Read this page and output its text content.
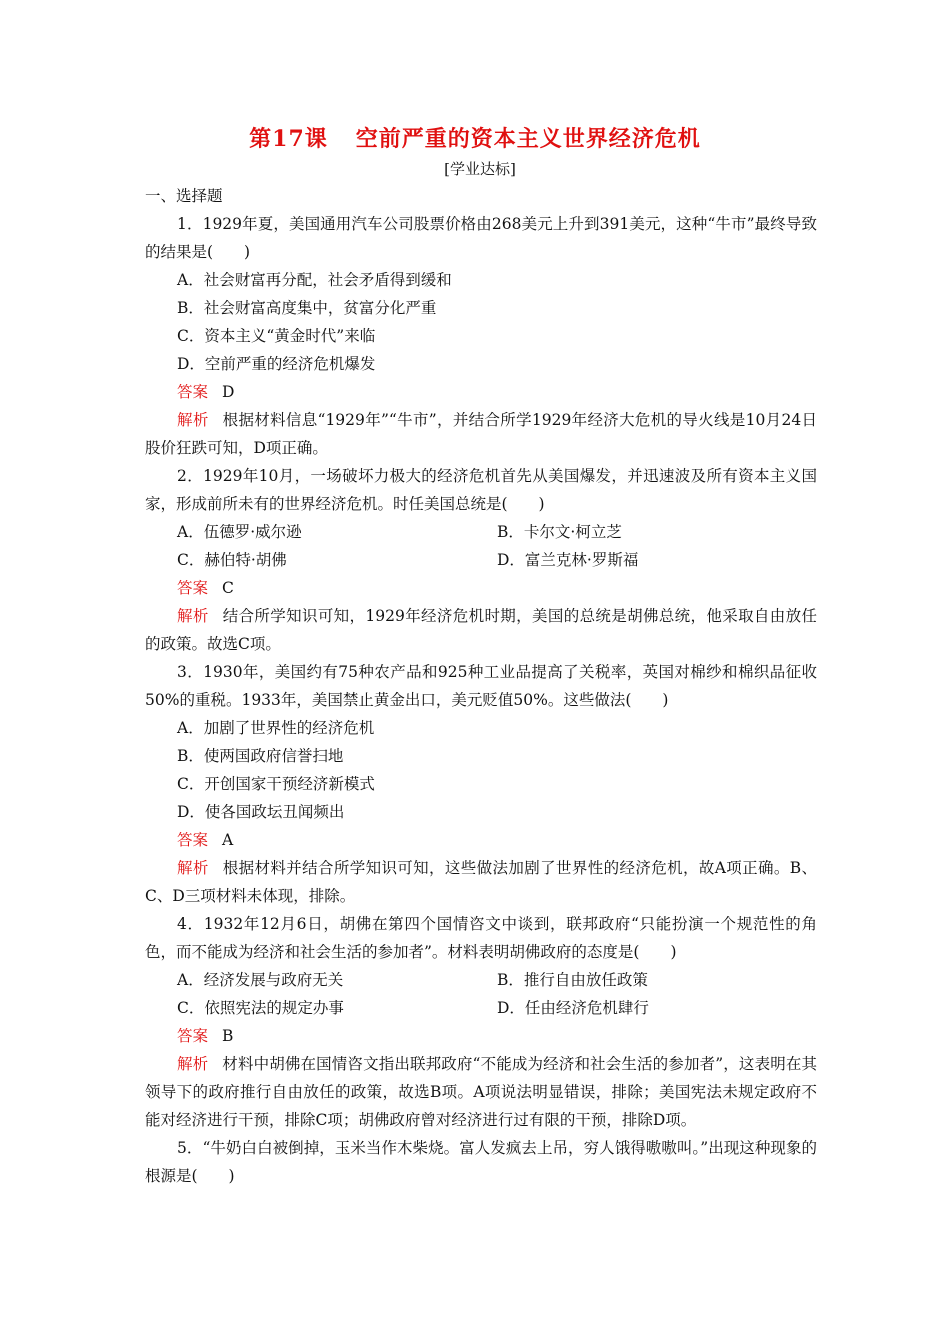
第17课 空前严重的资本主义世界经济危机
[学业达标]
一、选择题
1．1929年夏，美国通用汽车公司股票价格由268美元上升到391美元，这种“牛市”最终导致的结果是(　　)
A．社会财富再分配，社会矛盾得到缓和
B．社会财富高度集中，贫富分化严重
C．资本主义“黄金时代”来临
D．空前严重的经济危机爆发
答案 D
解析 根据材料信息“1929年”“牛市”，并结合所学1929年经济大危机的导火线是10月24日股价狂跌可知，D项正确。
2．1929年10月，一场破坏力极大的经济危机首先从美国爆发，并迅速波及所有资本主义国家，形成前所未有的世界经济危机。时任美国总统是(　　)
A．伍德罗·威尔逊	B．卡尔文·柯立芝
C．赫伯特·胡佛	D．富兰克林·罗斯福
答案 C
解析 结合所学知识可知，1929年经济危机时期，美国的总统是胡佛总统，他采取自由放任的政策。故选C项。
3．1930年，美国约有75种农产品和925种工业品提高了关税率，英国对棉纱和棉织品征收50%的重税。1933年，美国禁止黄金出口，美元贬值50%。这些做法(　　)
A．加剧了世界性的经济危机
B．使两国政府信誉扫地
C．开创国家干预经济新模式
D．使各国政坛丑闻频出
答案 A
解析 根据材料并结合所学知识可知，这些做法加剧了世界性的经济危机，故A项正确。B、C、D三项材料未体现，排除。
4．1932年12月6日，胡佛在第四个国情咨文中谈到，联邦政府“只能扮演一个规范性的角色，而不能成为经济和社会生活的参加者”。材料表明胡佛政府的态度是(　　)
A．经济发展与政府无关	B．推行自由放任政策
C．依照宪法的规定办事	D．任由经济危机肆行
答案 B
解析 材料中胡佛在国情咨文指出联邦政府“不能成为经济和社会生活的参加者”，这表明在其领导下的政府推行自由放任的政策，故选B项。A项说法明显错误，排除；美国宪法未规定政府不能对经济进行干预，排除C项；胡佛政府曾对经济进行过有限的干预，排除D项。
5．“牛奶白白被倒掉，玉米当作木柴烧。富人发疯去上吊，穷人饿得嗷嗷叫。”出现这种现象的根源是(　　)
